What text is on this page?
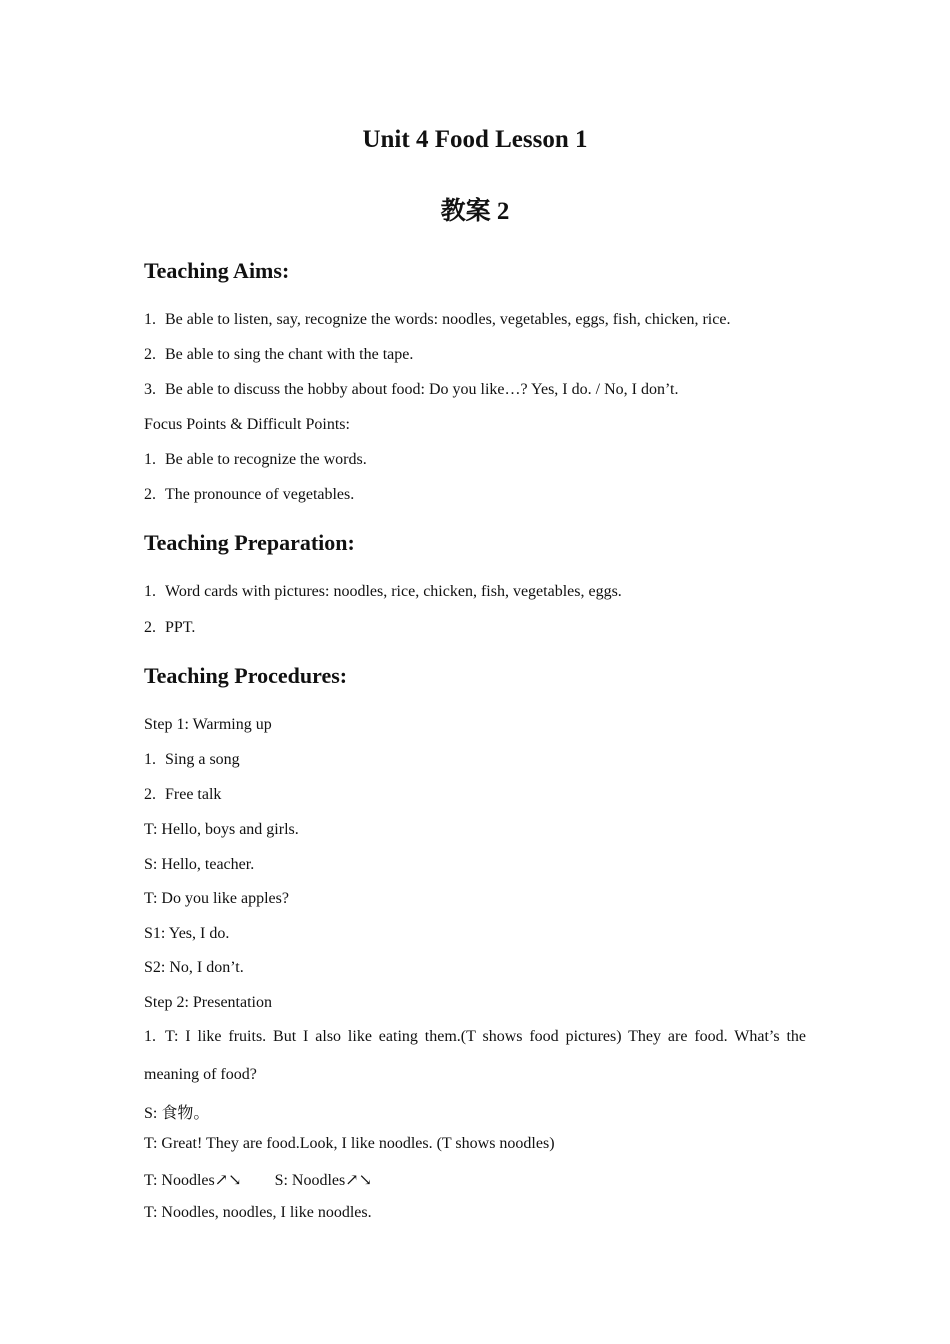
Unit 4 Food Lesson 1
教案 2
Teaching Aims:

1. Be able to listen, say, recognize the words: noodles, vegetables, eggs, fish, chicken, rice.

2. Be able to sing the chant with the tape.

3. Be able to discuss the hobby about food: Do you like…? Yes, I do. / No, I don’t.

Focus Points & Difficult Points:

1. Be able to recognize the words.

2. The pronounce of vegetables.

Teaching Preparation:

1. Word cards with pictures: noodles, rice, chicken, fish, vegetables, eggs.

2. PPT.

Teaching Procedures:

Step 1: Warming up

1. Sing a song

2. Free talk

T: Hello, boys and girls.

S: Hello, teacher.

T: Do you like apples?

S1: Yes, I do.

S2: No, I don’t.

Step 2: Presentation

1. T: I like fruits. But I also like eating them.(T shows food pictures) They are food. What’s the

meaning of food?

S: 食物。

T: Great! They are food.Look, I like noodles. (T shows noodles)

T: Noodles↗↘ S: Noodles↗↘

T: Noodles, noodles, I like noodles.
